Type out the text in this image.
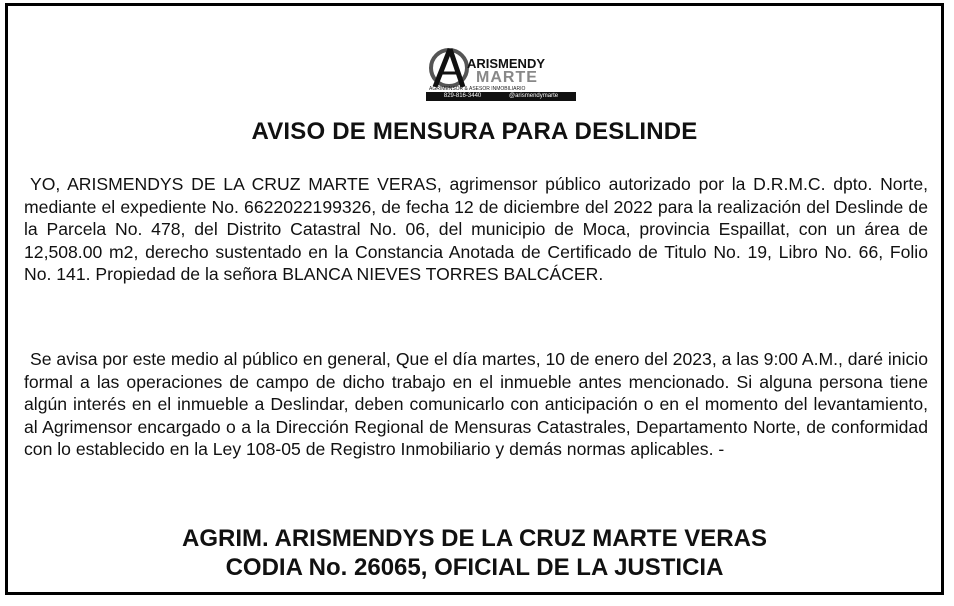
ARISMENDY
MARTE
AGRIMENSOR & ASESOR INMOBILIARIO
829-816-3440	@arismendymarte
AVISO DE MENSURA PARA DESLINDE

YO, ARISMENDYS DE LA CRUZ MARTE VERAS, agrimensor público autorizado por la D.R.M.C. dpto. Norte, mediante el expediente No. 6622022199326, de fecha 12 de diciembre del 2022 para la realización del Deslinde de la Parcela No. 478, del Distrito Catastral No. 06, del municipio de Moca, provincia Espaillat, con un área de 12,508.00 m2, derecho sustentado en la Constancia Anotada de Certificado de Titulo No. 19, Libro No. 66, Folio No. 141. Propiedad de la señora BLANCA NIEVES TORRES BALCÁCER.

Se avisa por este medio al público en general, Que el día martes, 10 de enero del 2023, a las 9:00 A.M., daré inicio formal a las operaciones de campo de dicho trabajo en el inmueble antes mencionado. Si alguna persona tiene algún interés en el inmueble a Deslindar, deben comunicarlo con anticipación o en el momento del levantamiento, al Agrimensor encargado o a la Dirección Regional de Mensuras Catastrales, Departamento Norte, de conformidad con lo establecido en la Ley 108-05 de Registro Inmobiliario y demás normas aplicables. -

AGRIM. ARISMENDYS DE LA CRUZ MARTE VERAS

CODIA No. 26065, OFICIAL DE LA JUSTICIA
